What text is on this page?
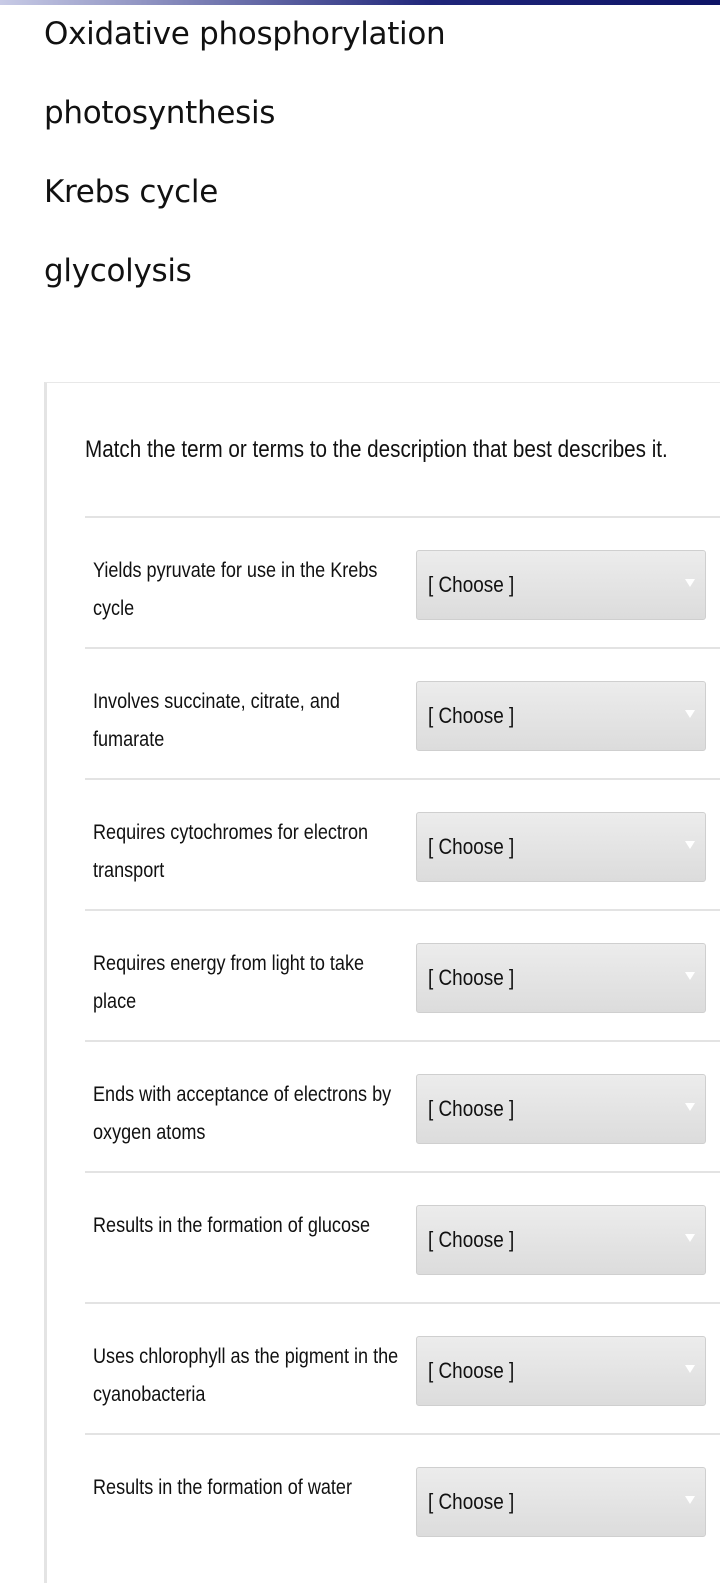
Oxidative phosphorylation
photosynthesis
Krebs cycle
glycolysis
Match the term or terms to the description that best describes it.
Yields pyruvate for use in the Krebs cycle
[ Choose ]
Involves succinate, citrate, and fumarate
[ Choose ]
Requires cytochromes for electron transport
[ Choose ]
Requires energy from light to take place
[ Choose ]
Ends with acceptance of electrons by oxygen atoms
[ Choose ]
Results in the formation of glucose
[ Choose ]
Uses chlorophyll as the pigment in the cyanobacteria
[ Choose ]
Results in the formation of water
[ Choose ]
